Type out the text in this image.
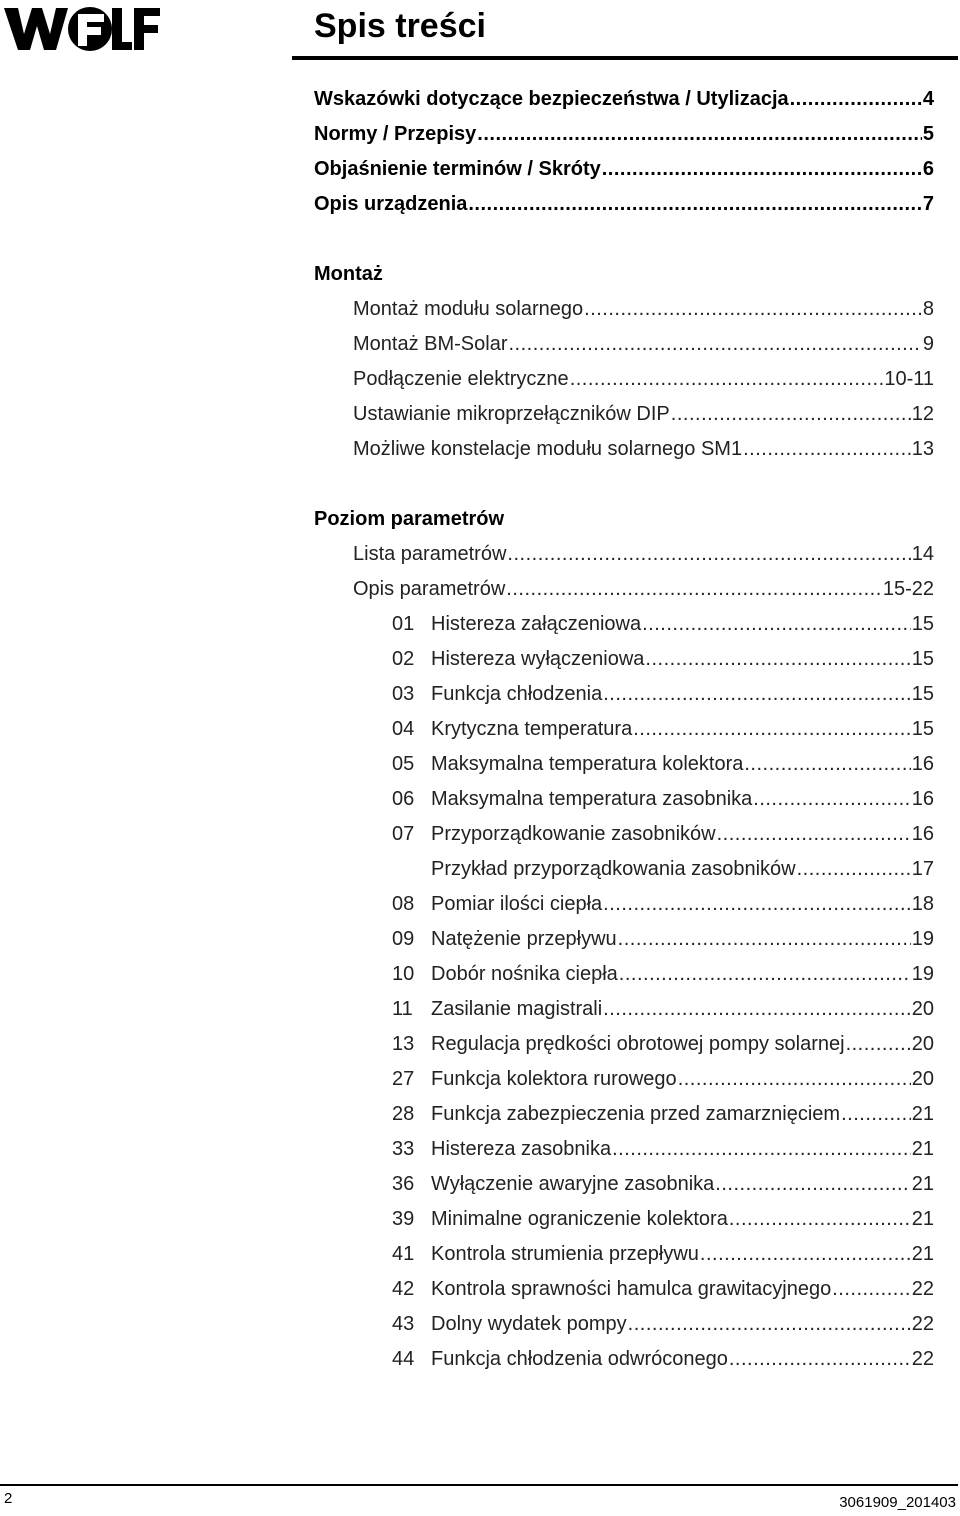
Spis treści
Wskazówki dotyczące bezpieczeństwa / Utylizacja .....	4
Normy / Przepisy .....	5
Objaśnienie terminów / Skróty .....	6
Opis urządzenia .....	7
Montaż
Montaż modułu solarnego .....	8
Montaż BM-Solar .....	9
Podłączenie elektryczne .....	10-11
Ustawianie mikroprzełączników DIP .....	12
Możliwe konstelacje modułu solarnego SM1 .....	13
Poziom parametrów
Lista parametrów .....	14
Opis parametrów .....	15-22
01 Histereza załączeniowa .....	15
02 Histereza wyłączeniowa .....	15
03 Funkcja chłodzenia .....	15
04 Krytyczna temperatura .....	15
05 Maksymalna temperatura kolektora .....	16
06 Maksymalna temperatura zasobnika .....	16
07 Przyporządkowanie zasobników .....	16
Przykład przyporządkowania zasobników .....	17
08 Pomiar ilości ciepła .....	18
09 Natężenie przepływu .....	19
10 Dobór nośnika ciepła .....	19
11 Zasilanie magistrali .....	20
13 Regulacja prędkości obrotowej pompy solarnej .....	20
27 Funkcja kolektora rurowego .....	20
28 Funkcja zabezpieczenia przed zamarznięciem .....	21
33 Histereza zasobnika .....	21
36 Wyłączenie awaryjne zasobnika .....	21
39 Minimalne ograniczenie kolektora .....	21
41 Kontrola strumienia przepływu .....	21
42 Kontrola sprawności hamulca grawitacyjnego .....	22
43 Dolny wydatek pompy .....	22
44 Funkcja chłodzenia odwróconego .....	22
2	3061909_201403
